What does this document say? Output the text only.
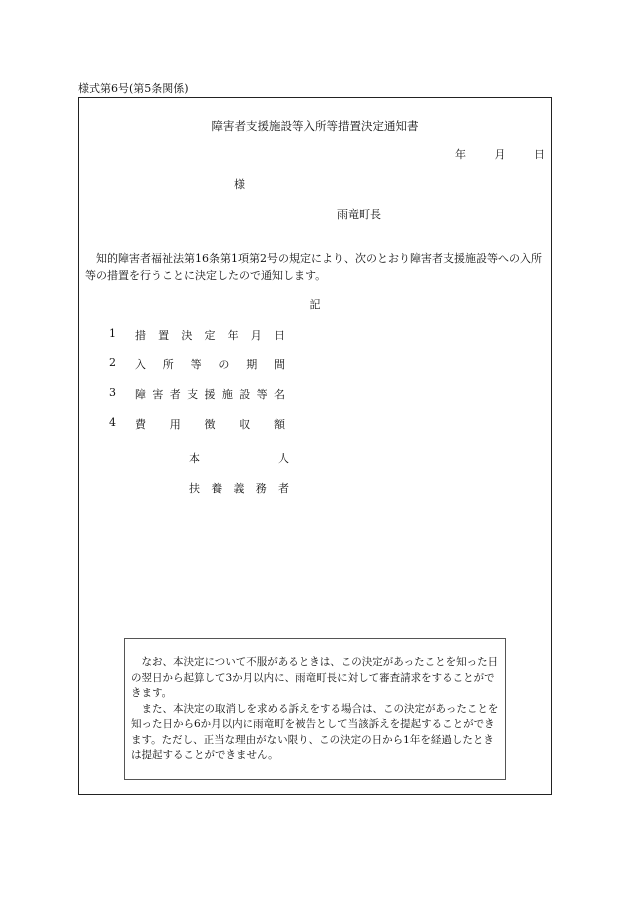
様式第6号(第5条関係)
障害者支援施設等入所等措置決定通知書
年	月	日
様
雨竜町長
知的障害者福祉法第16条第1項第2号の規定により、次のとおり障害者支援施設等への入所等の措置を行うことに決定したので通知します。
記
1	措 置 決 定 年 月 日
2	入 所 等 の 期 間
3	障 害 者 支 援 施 設 等 名
4	費 用 徴 収 額
本	人
扶 養 義 務 者

なお、本決定について不服があるときは、この決定があったことを知った日の翌日から起算して3か月以内に、雨竜町長に対して審査請求をすることができます。

また、本決定の取消しを求める訴えをする場合は、この決定があったことを知った日から6か月以内に雨竜町を被告として当該訴えを提起することができます。ただし、正当な理由がない限り、この決定の日から1年を経過したときは提起することができません。
